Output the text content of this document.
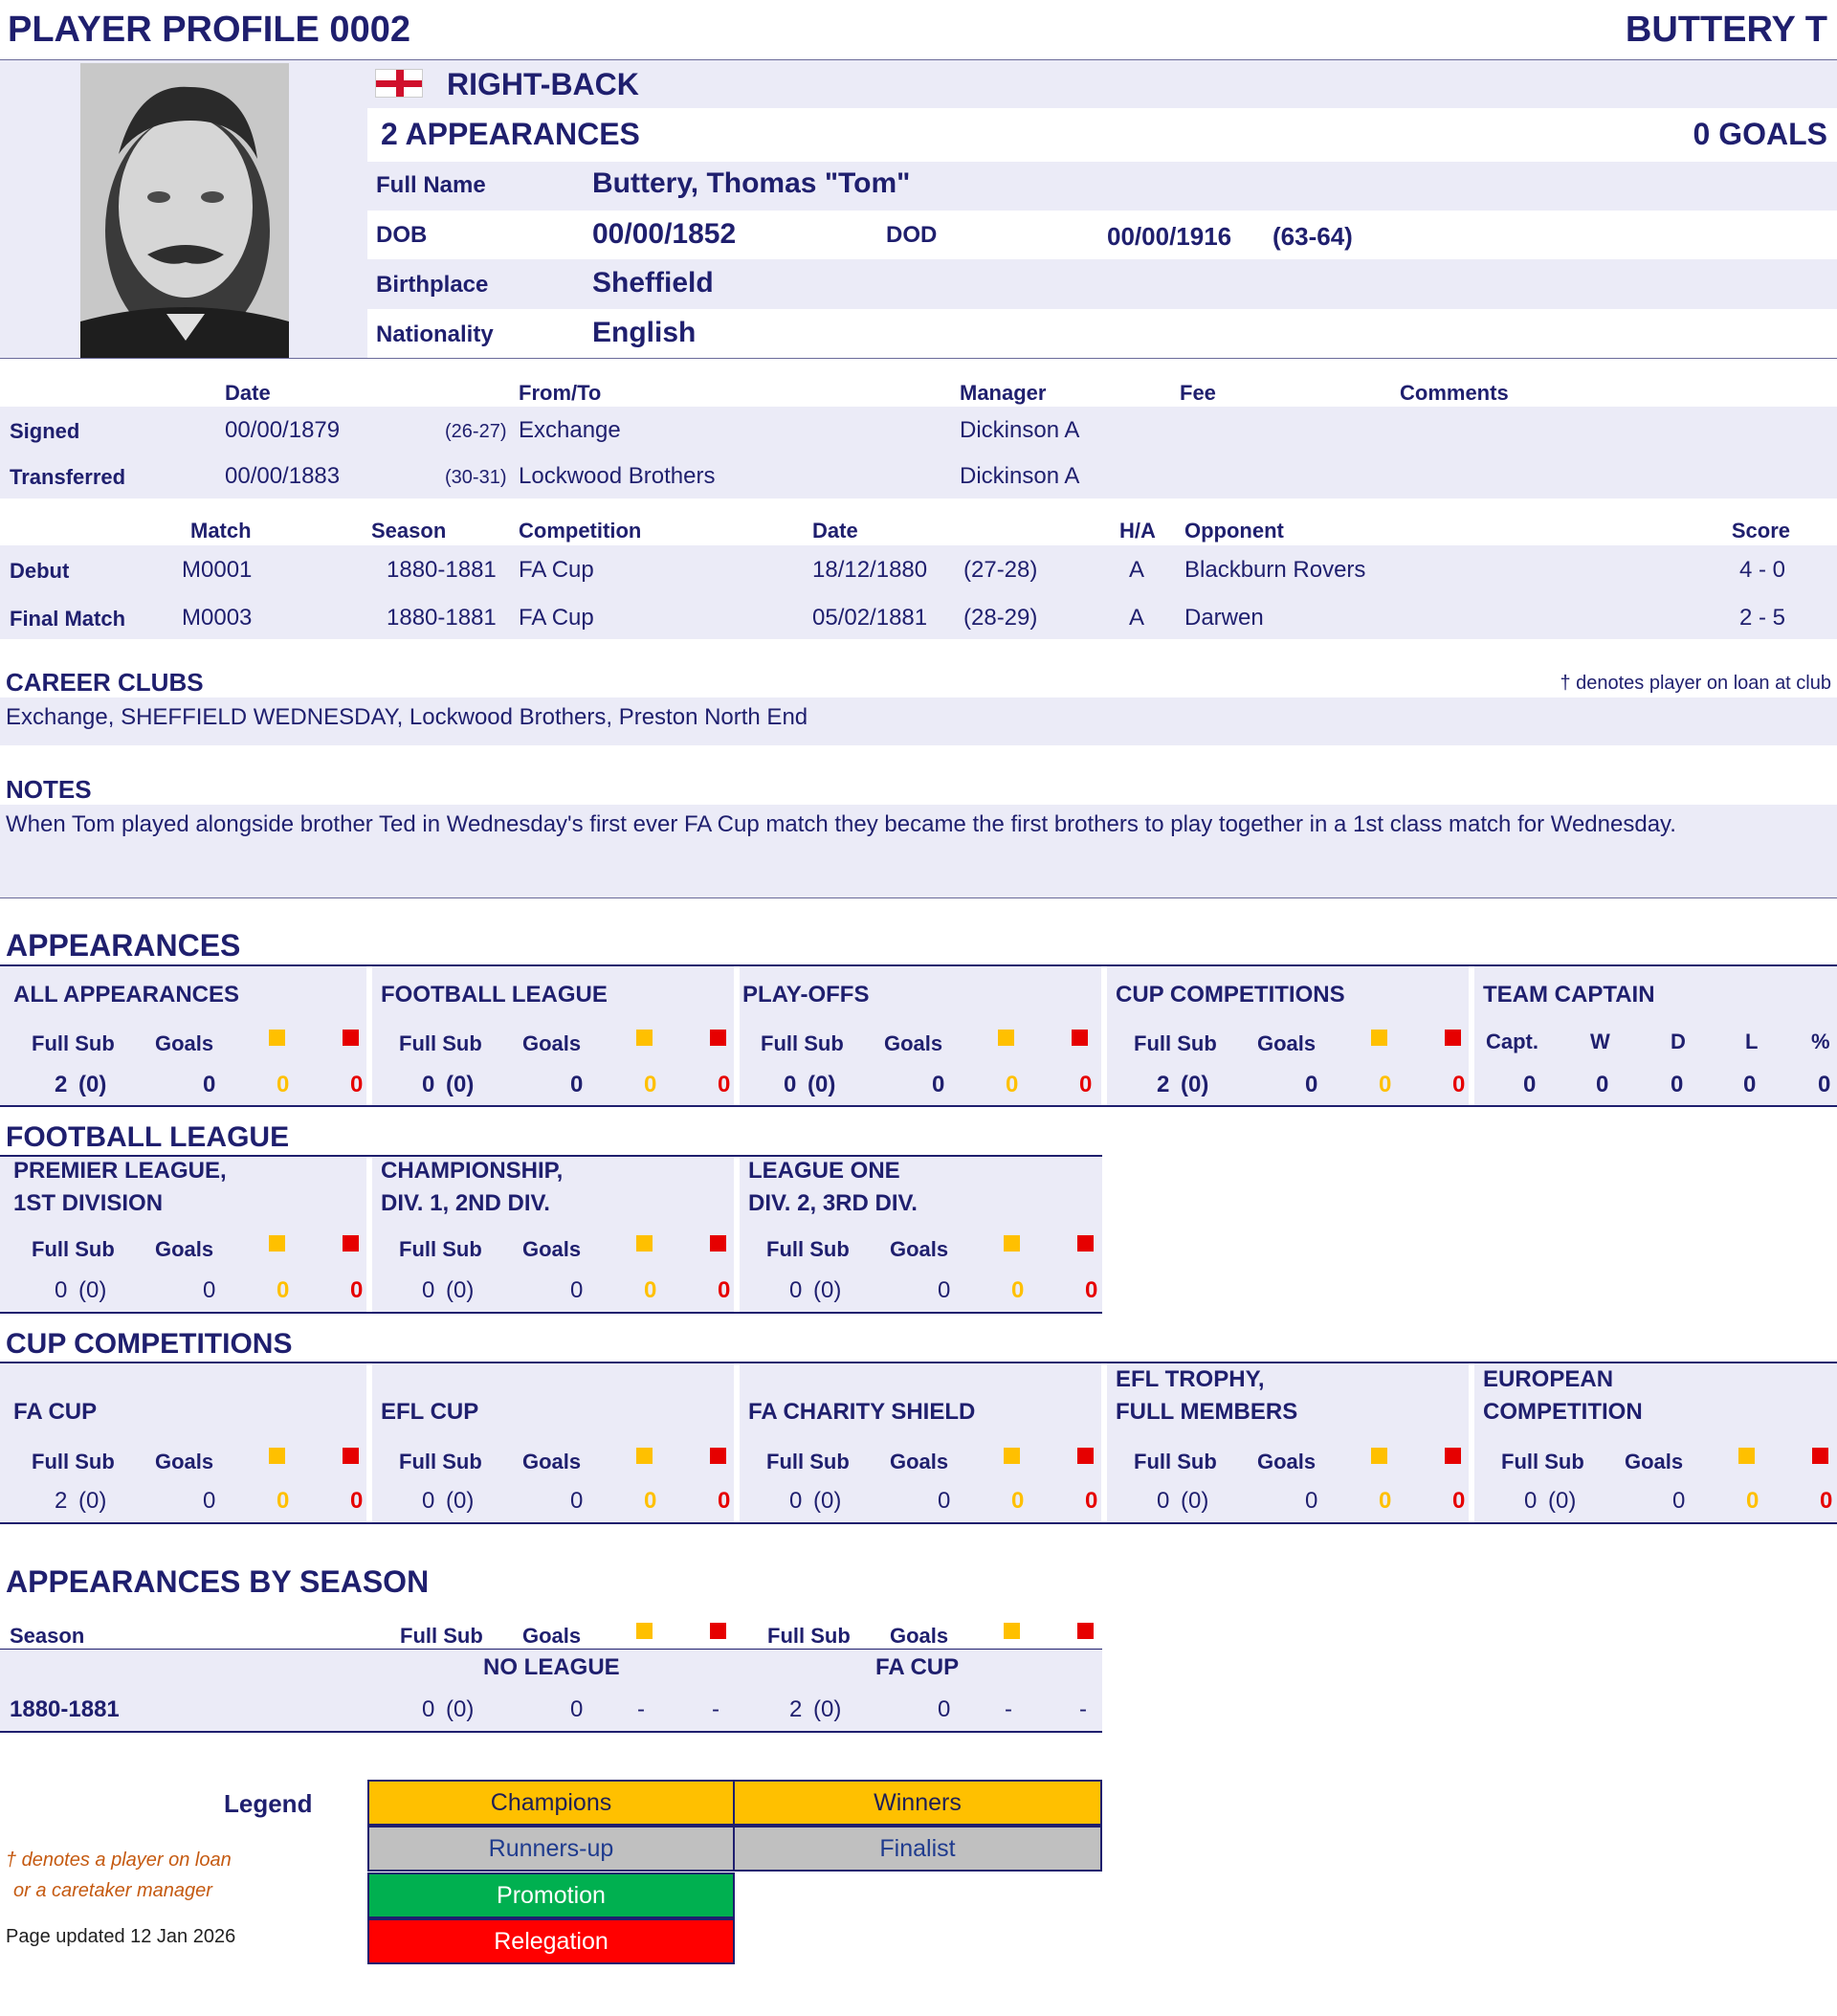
PLAYER PROFILE 0002	BUTTERY T
RIGHT-BACK
2 APPEARANCES	0 GOALS
Full Name	Buttery, Thomas "Tom"
DOB	00/00/1852	DOD	00/00/1916 (63-64)
Birthplace	Sheffield
Nationality	English
Date	From/To	Manager	Fee	Comments
Signed	00/00/1879	(26-27) Exchange	Dickinson A
Transferred	00/00/1883	(30-31) Lockwood Brothers	Dickinson A
Match	Season	Competition	Date	H/A Opponent	Score
Debut	M0001	1880-1881 FA Cup	18/12/1880 (27-28)	A Blackburn Rovers	4 - 0
Final Match M0003	1880-1881 FA Cup	05/02/1881 (28-29)	A Darwen	2 - 5
CAREER CLUBS	† denotes player on loan at club
Exchange, SHEFFIELD WEDNESDAY, Lockwood Brothers, Preston North End
NOTES
When Tom played alongside brother Ted in Wednesday's first ever FA Cup match they became the first brothers to play together in a 1st class match for Wednesday.
APPEARANCES
ALL APPEARANCES
Full Sub Goals
2 (0)	0	0	0
FOOTBALL LEAGUE
Full Sub Goals
0 (0)	0	0	0
PLAY-OFFS
Full Sub Goals
0 (0)	0	0	0
CUP COMPETITIONS
Full Sub Goals
2 (0)	0	0	0
TEAM CAPTAIN
Capt. W	D	L	%
0	0	0	0	0
FOOTBALL LEAGUE
PREMIER LEAGUE,
1ST DIVISION
Full Sub Goals
0 (0)	0	0	0
CHAMPIONSHIP,
DIV. 1, 2ND DIV.
Full Sub Goals
0 (0)	0	0	0
LEAGUE ONE
DIV. 2, 3RD DIV.
Full Sub Goals
0 (0)	0	0	0
CUP COMPETITIONS
FA CUP
Full Sub Goals
2 (0)	0	0	0
EFL CUP
Full Sub Goals
0 (0)	0	0	0
FA CHARITY SHIELD
Full Sub Goals
0 (0)	0	0	0
EFL TROPHY,
FULL MEMBERS
Full Sub Goals
0 (0)	0	0	0
EUROPEAN
COMPETITION
Full Sub Goals
0 (0)	0	0	0
APPEARANCES BY SEASON
Season	Full Sub Goals	Full Sub Goals
NO LEAGUE	FA CUP
1880-1881	0 (0)	0 -	-	2 (0)	0 -	-
Legend
† denotes a player on loan
or a caretaker manager
Page updated 12 Jan 2026
Champions	Winners
Runners-up	Finalist
Promotion
Relegation
